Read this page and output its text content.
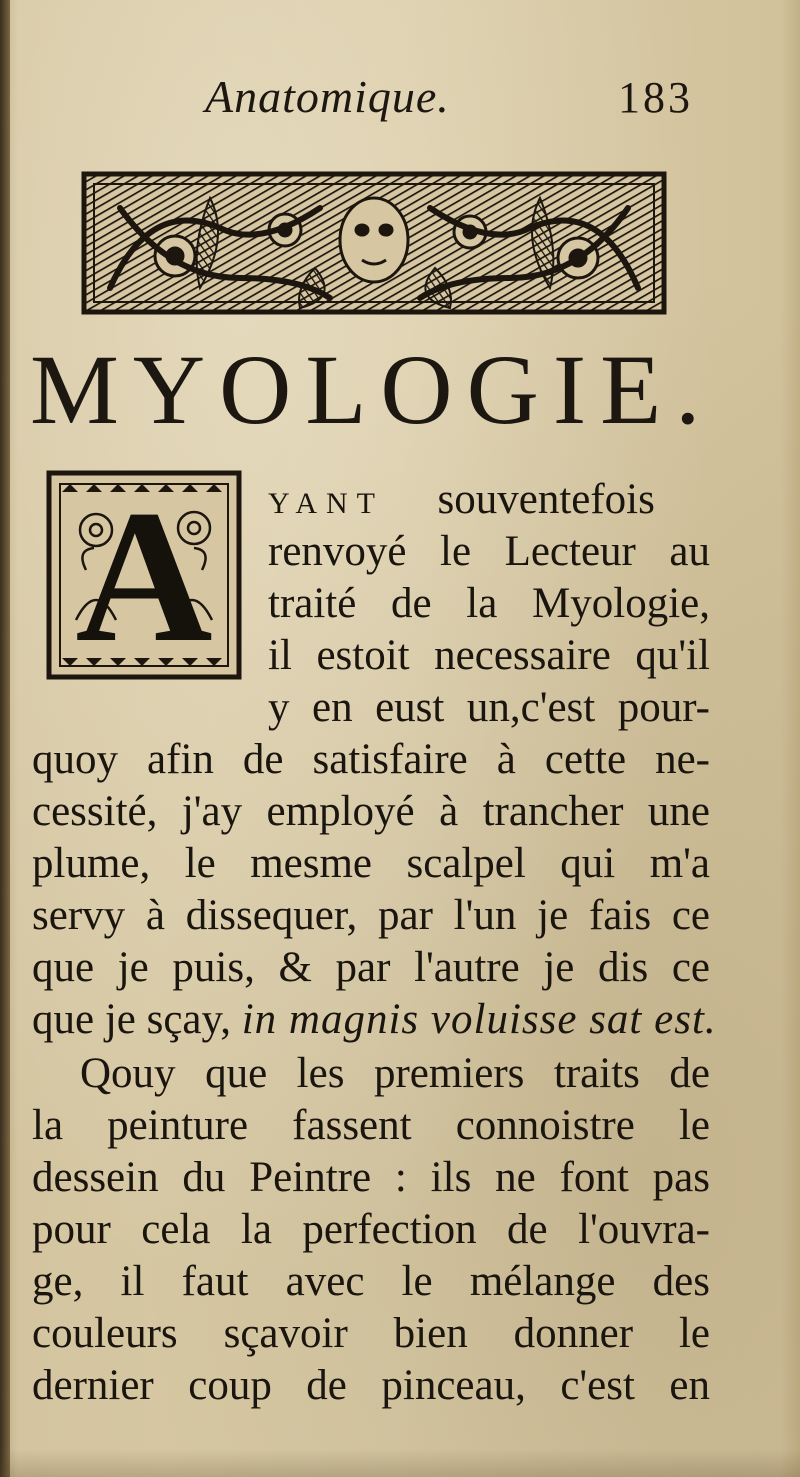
Anatomique.	183
MYOLOGIE.
A	YANT souventefois
renvoyé le Lecteur au
traité de la Myologie,
il estoit necessaire qu'il
y en eust un,c'est pour-
quoy afin de satisfaire à cette ne-
cessité, j'ay employé à trancher une
plume, le mesme scalpel qui m'a
servy à dissequer, par l'un je fais ce
que je puis, & par l'autre je dis ce
que je sçay, in magnis voluisse sat est.
Qouy que les premiers traits de
la peinture fassent connoistre le
dessein du Peintre : ils ne font pas
pour cela la perfection de l'ouvra-
ge, il faut avec le mélange des
couleurs sçavoir bien donner le
dernier coup de pinceau, c'est en
